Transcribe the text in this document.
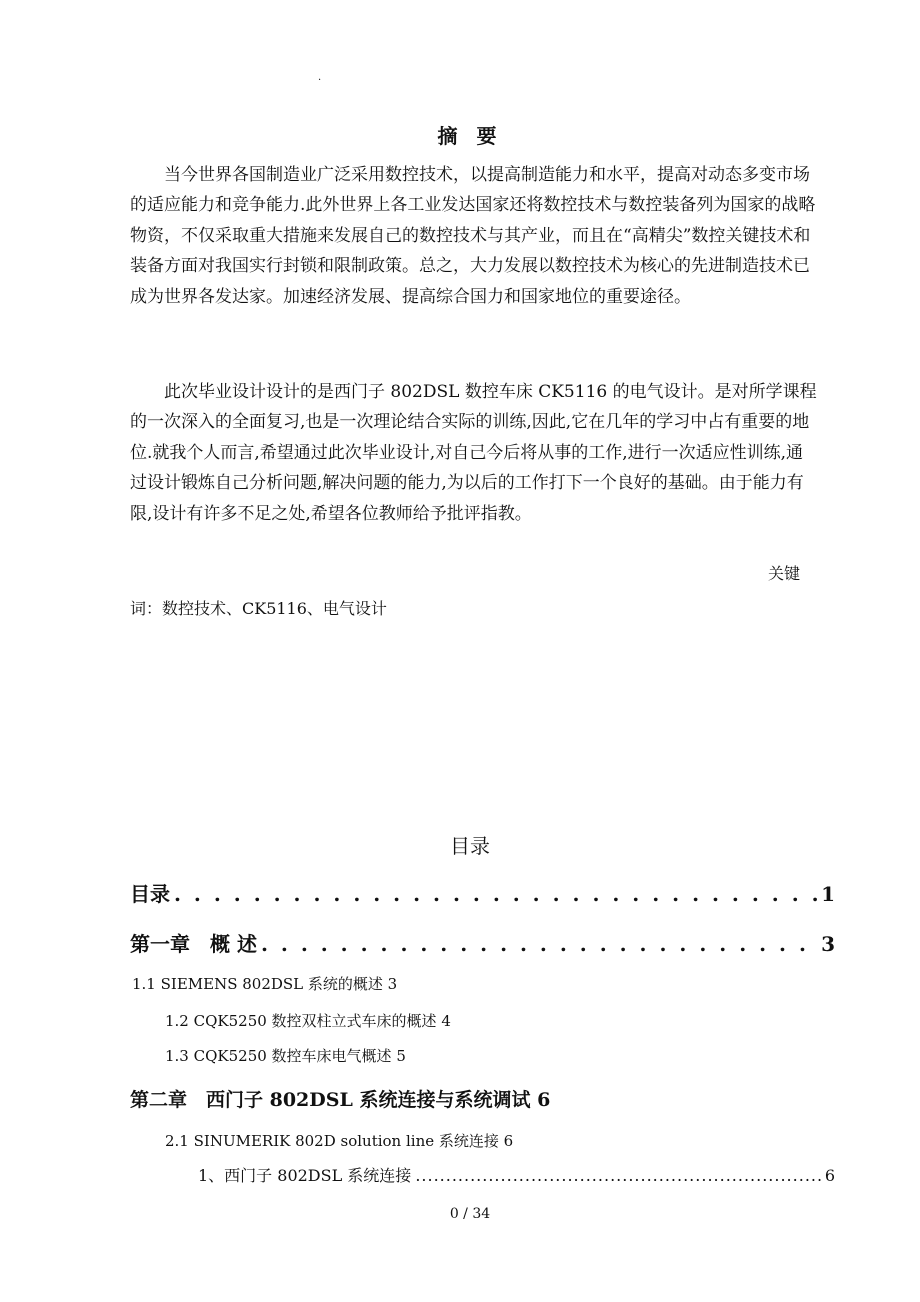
.
摘 要
当今世界各国制造业广泛采用数控技术，以提高制造能力和水平，提高对动态多变市场的适应能力和竞争能力.此外世界上各工业发达国家还将数控技术与数控装备列为国家的战略物资，不仅采取重大措施来发展自己的数控技术与其产业，而且在“高精尖”数控关键技术和装备方面对我国实行封锁和限制政策。总之，大力发展以数控技术为核心的先进制造技术已成为世界各发达家。加速经济发展、提高综合国力和国家地位的重要途径。
此次毕业设计设计的是西门子 802DSL 数控车床 CK5116 的电气设计。是对所学课程的一次深入的全面复习,也是一次理论结合实际的训练,因此,它在几年的学习中占有重要的地位.就我个人而言,希望通过此次毕业设计,对自己今后将从事的工作,进行一次适应性训练,通过设计锻炼自己分析问题,解决问题的能力,为以后的工作打下一个良好的基础。由于能力有限,设计有许多不足之处,希望各位教师给予批评指教。
关键
词：数控技术、CK5116、电气设计
目录
目录 . . .	1
第一章　概 述 . . .	3
1.1 SIEMENS 802DSL 系统的概述 3
1.2 CQK5250 数控双柱立式车床的概述 4
1.3 CQK5250 数控车床电气概述 5
第二章　西门子 802DSL 系统连接与系统调试 6
2.1 SINUMERIK 802D solution line 系统连接 6
1、西门子 802DSL 系统连接 .....	6
0 / 34
